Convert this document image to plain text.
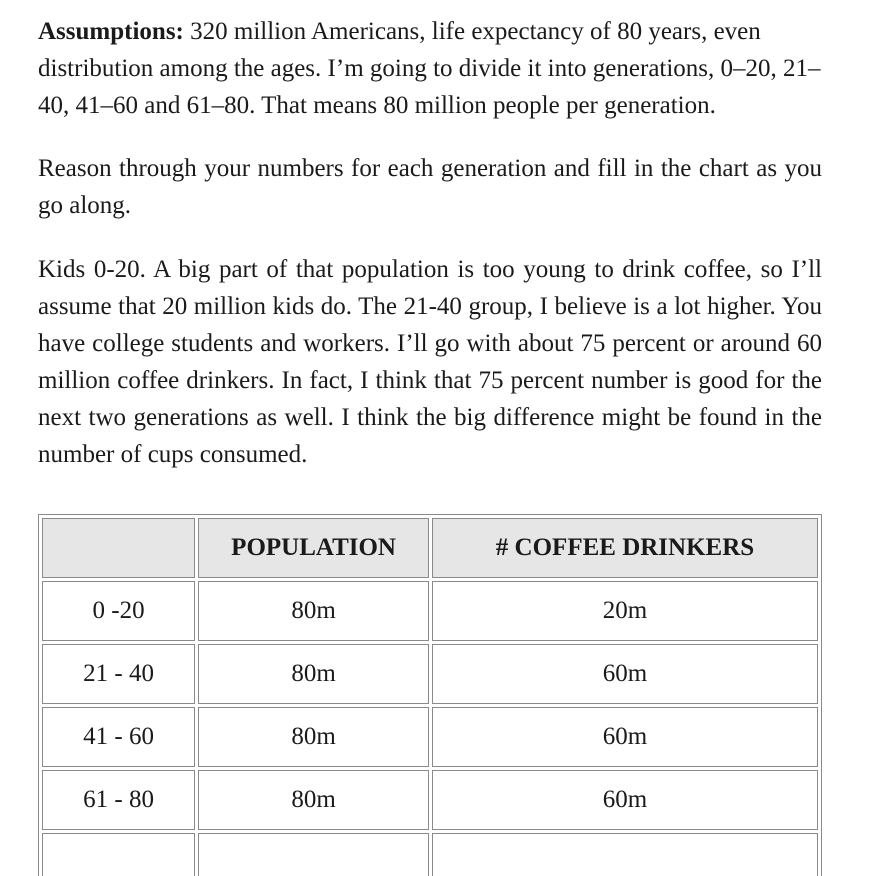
Assumptions: 320 million Americans, life expectancy of 80 years, even distribution among the ages. I’m going to divide it into generations, 0–20, 21–40, 41–60 and 61–80. That means 80 million people per generation.

Reason through your numbers for each generation and fill in the chart as you go along.

Kids 0-20. A big part of that population is too young to drink coffee, so I’ll assume that 20 million kids do. The 21-40 group, I believe is a lot higher. You have college students and workers. I’ll go with about 75 percent or around 60 million coffee drinkers. In fact, I think that 75 percent number is good for the next two generations as well. I think the big difference might be found in the number of cups consumed.

	POPULATION	# COFFEE DRINKERS
0 -20	80m	20m
21 - 40	80m	60m
41 - 60	80m	60m
61 - 80	80m	60m
